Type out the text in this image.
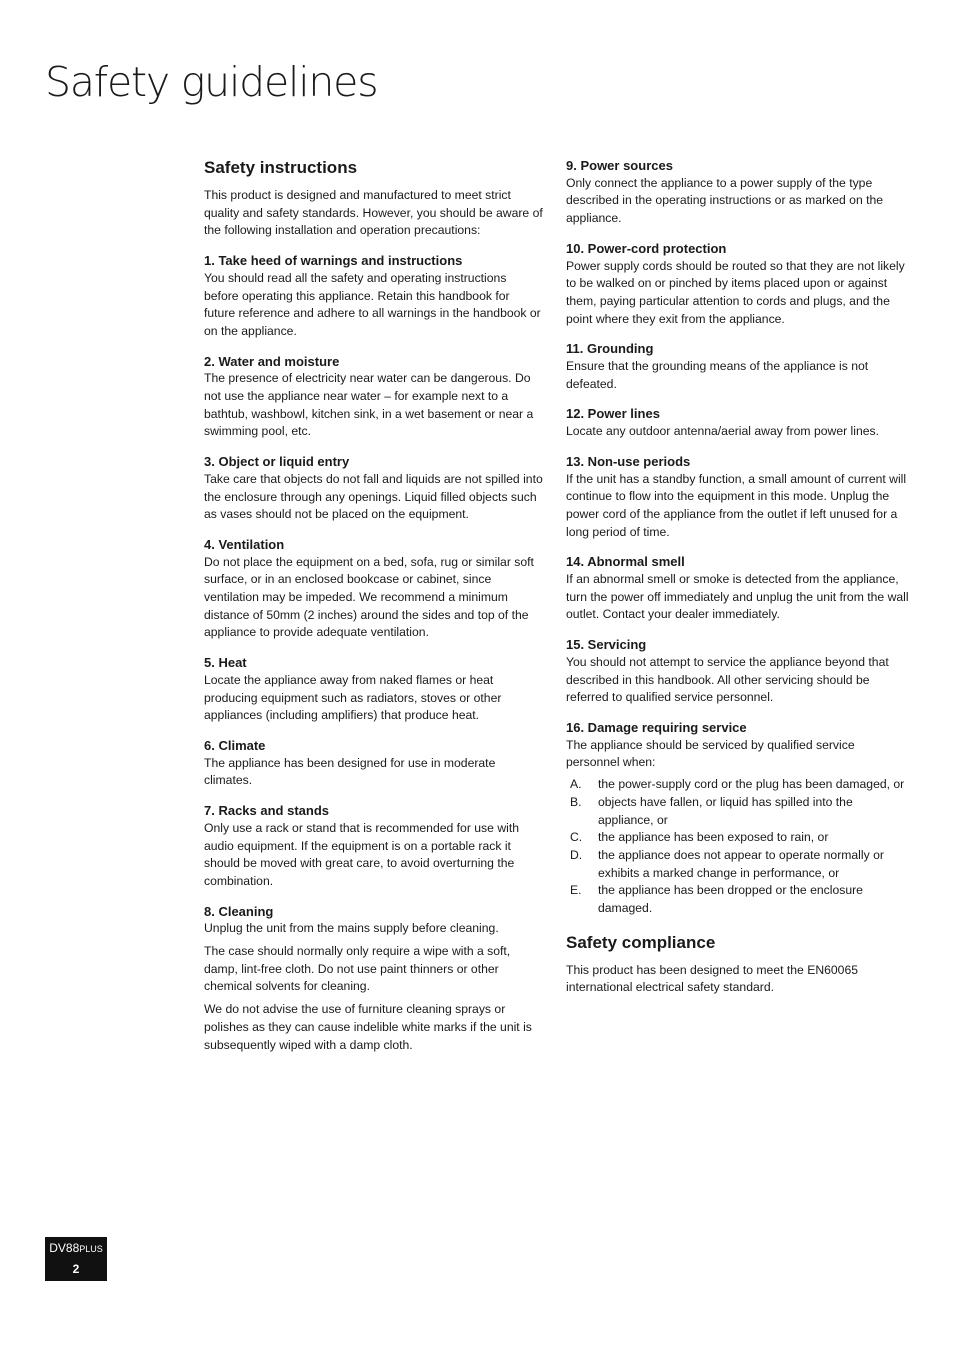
Safety guidelines
Safety instructions

This product is designed and manufactured to meet strict quality and safety standards. However, you should be aware of the following installation and operation precautions:

1. Take heed of warnings and instructions

You should read all the safety and operating instructions before operating this appliance. Retain this handbook for future reference and adhere to all warnings in the handbook or on the appliance.

2. Water and moisture

The presence of electricity near water can be dangerous. Do not use the appliance near water – for example next to a bathtub, washbowl, kitchen sink, in a wet basement or near a swimming pool, etc.

3. Object or liquid entry

Take care that objects do not fall and liquids are not spilled into the enclosure through any openings. Liquid filled objects such as vases should not be placed on the equipment.

4. Ventilation

Do not place the equipment on a bed, sofa, rug or similar soft surface, or in an enclosed bookcase or cabinet, since ventilation may be impeded. We recommend a minimum distance of 50mm (2 inches) around the sides and top of the appliance to provide adequate ventilation.

5. Heat

Locate the appliance away from naked flames or heat producing equipment such as radiators, stoves or other appliances (including amplifiers) that produce heat.

6. Climate

The appliance has been designed for use in moderate climates.

7. Racks and stands

Only use a rack or stand that is recommended for use with audio equipment. If the equipment is on a portable rack it should be moved with great care, to avoid overturning the combination.

8. Cleaning

Unplug the unit from the mains supply before cleaning.

The case should normally only require a wipe with a soft, damp, lint-free cloth. Do not use paint thinners or other chemical solvents for cleaning.

We do not advise the use of furniture cleaning sprays or polishes as they can cause indelible white marks if the unit is subsequently wiped with a damp cloth.

9. Power sources

Only connect the appliance to a power supply of the type described in the operating instructions or as marked on the appliance.

10. Power-cord protection

Power supply cords should be routed so that they are not likely to be walked on or pinched by items placed upon or against them, paying particular attention to cords and plugs, and the point where they exit from the appliance.

11. Grounding

Ensure that the grounding means of the appliance is not defeated.

12. Power lines

Locate any outdoor antenna/aerial away from power lines.

13. Non-use periods

If the unit has a standby function, a small amount of current will continue to flow into the equipment in this mode. Unplug the power cord of the appliance from the outlet if left unused for a long period of time.

14. Abnormal smell

If an abnormal smell or smoke is detected from the appliance, turn the power off immediately and unplug the unit from the wall outlet. Contact your dealer immediately.

15. Servicing

You should not attempt to service the appliance beyond that described in this handbook. All other servicing should be referred to qualified service personnel.

16. Damage requiring service

The appliance should be serviced by qualified service personnel when:

A.	the power-supply cord or the plug has been damaged, or
B.	objects have fallen, or liquid has spilled into the appliance, or
C.	the appliance has been exposed to rain, or
D.	the appliance does not appear to operate normally or exhibits a marked change in performance, or
E.	the appliance has been dropped or the enclosure damaged.
Safety compliance

This product has been designed to meet the EN60065 international electrical safety standard.

DV88PLUS
2
